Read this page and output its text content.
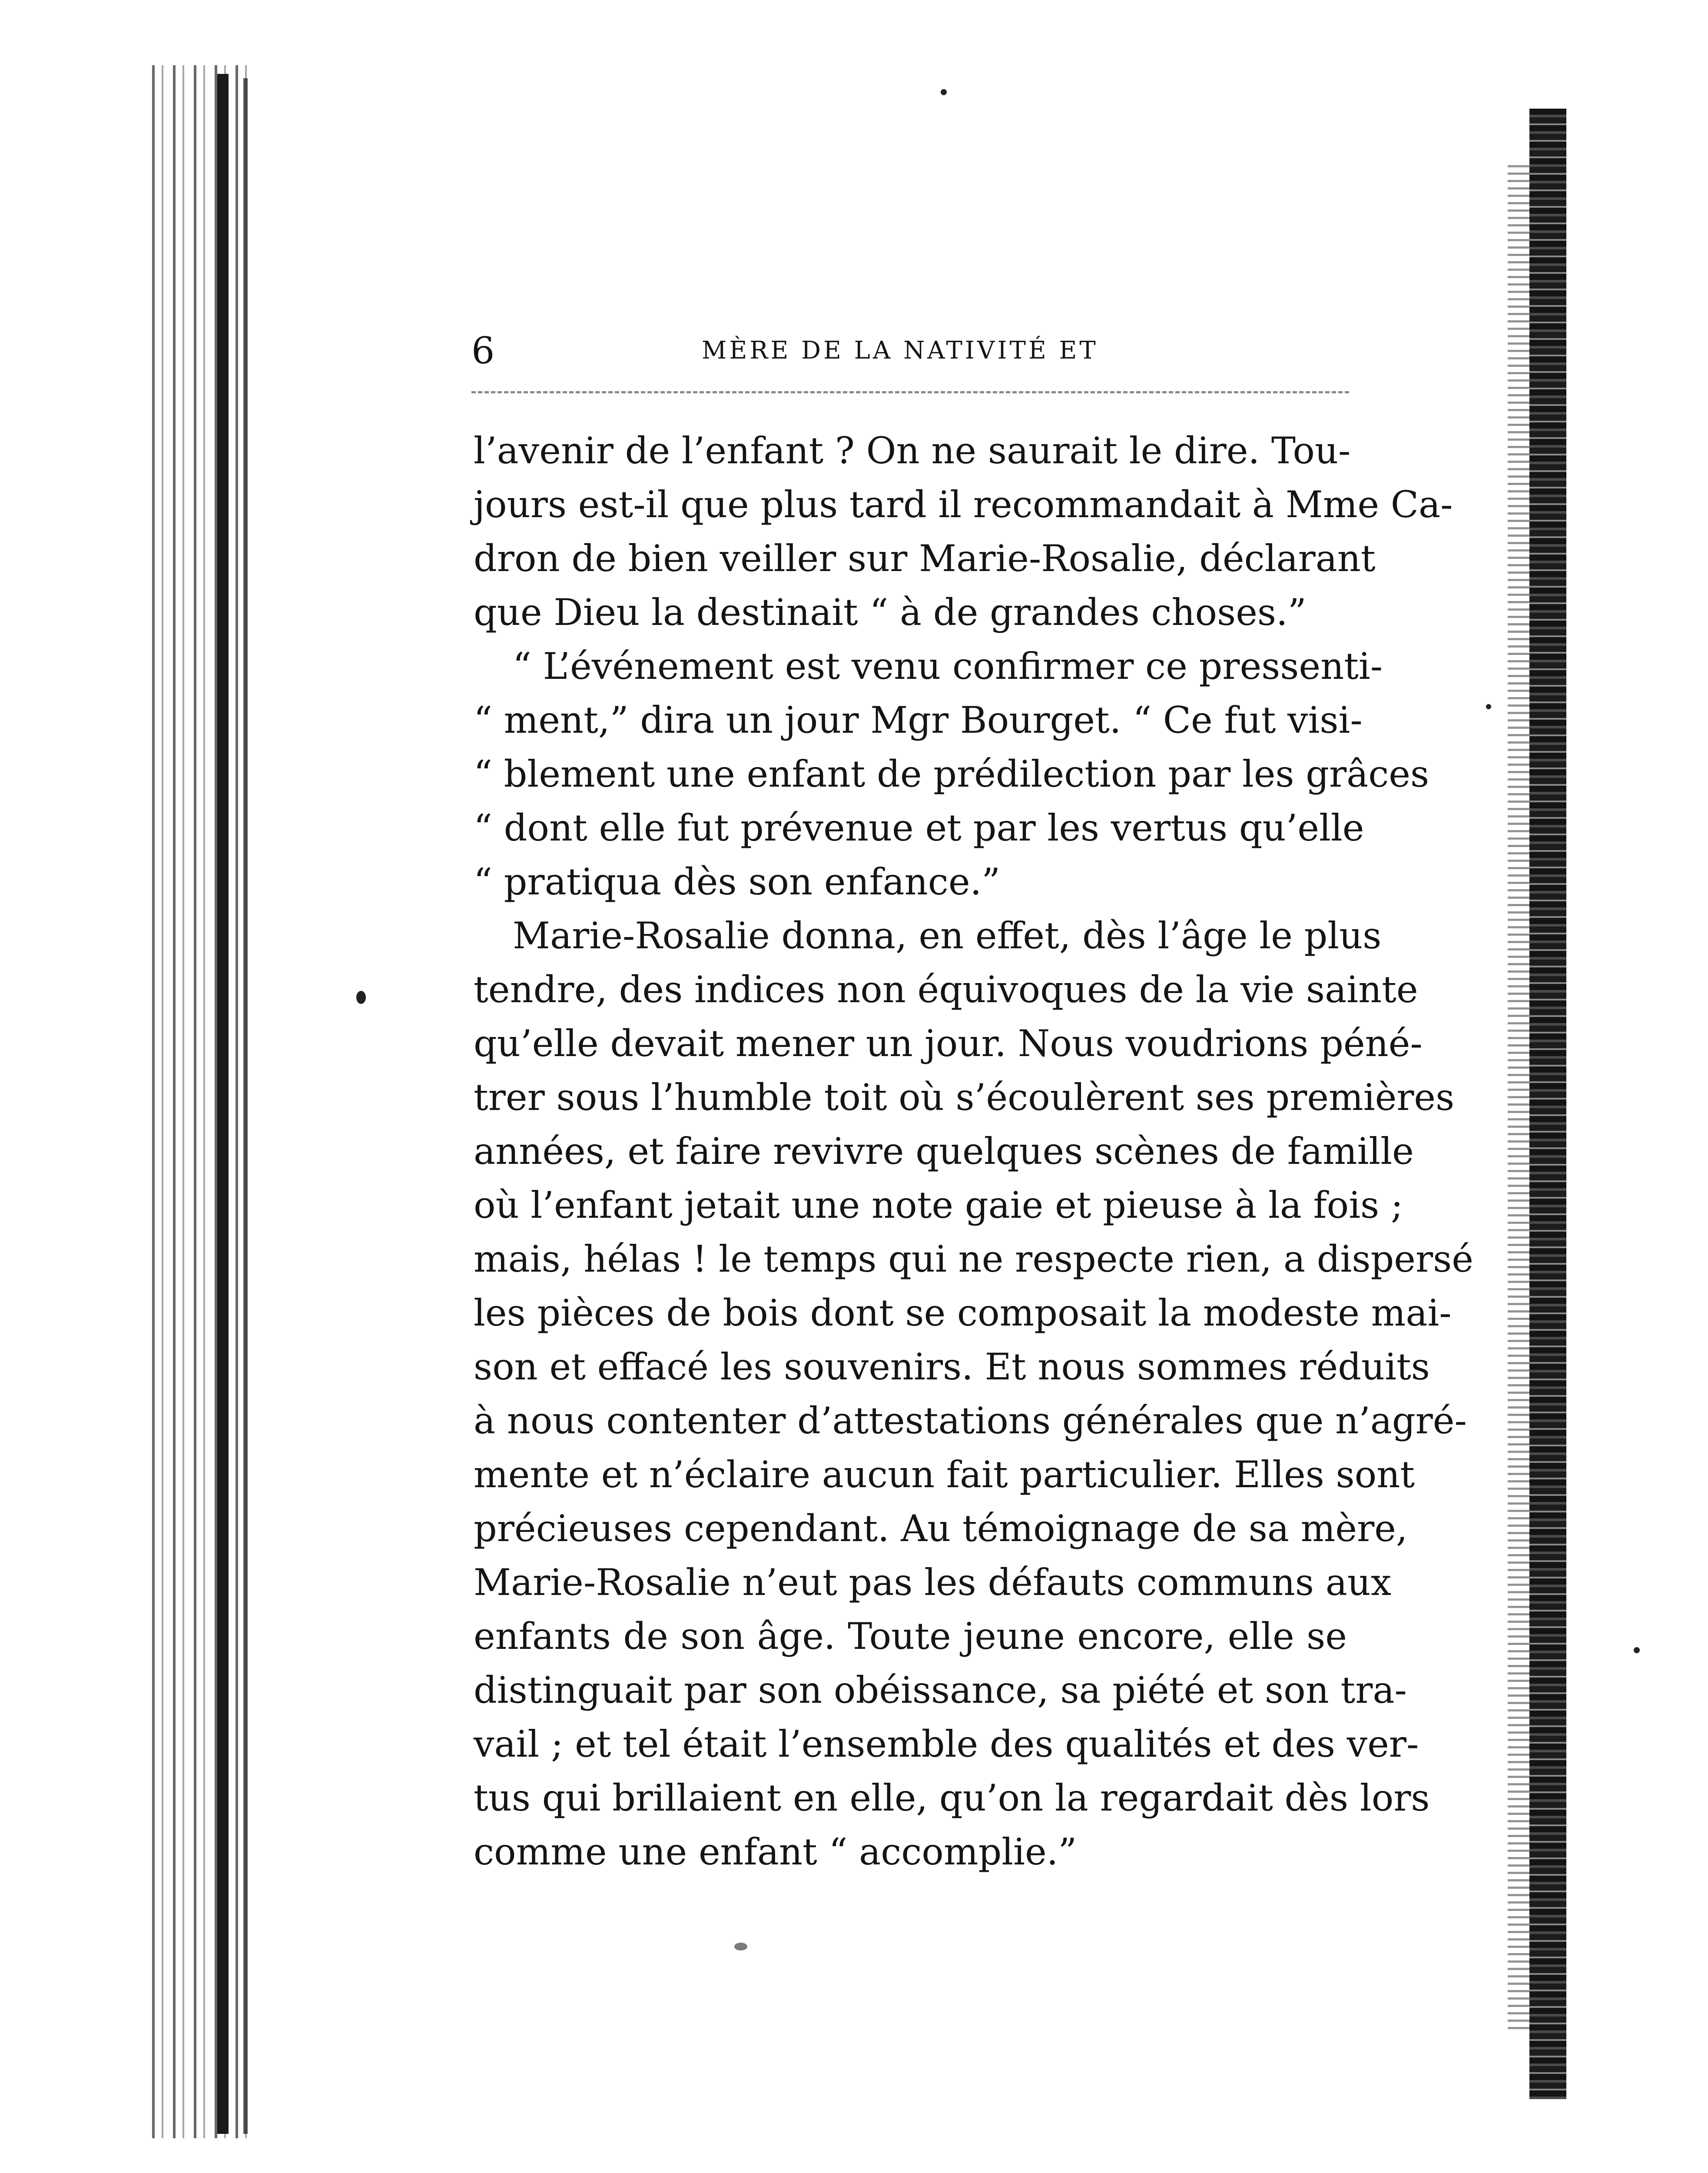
6	MÈRE DE LA NATIVITÉ ET
l’avenir de l’enfant ? On ne saurait le dire. Tou-
jours est-il que plus tard il recommandait à Mme Ca-
dron de bien veiller sur Marie-Rosalie, déclarant
que Dieu la destinait “ à de grandes choses.”
“ L’événement est venu confirmer ce pressenti-
“ ment,” dira un jour Mgr Bourget. “ Ce fut visi-
“ blement une enfant de prédilection par les grâces
“ dont elle fut prévenue et par les vertus qu’elle
“ pratiqua dès son enfance.”
Marie-Rosalie donna, en effet, dès l’âge le plus
tendre, des indices non équivoques de la vie sainte
qu’elle devait mener un jour. Nous voudrions péné-
trer sous l’humble toit où s’écoulèrent ses premières
années, et faire revivre quelques scènes de famille
où l’enfant jetait une note gaie et pieuse à la fois ;
mais, hélas ! le temps qui ne respecte rien, a dispersé
les pièces de bois dont se composait la modeste mai-
son et effacé les souvenirs. Et nous sommes réduits
à nous contenter d’attestations générales que n’agré-
mente et n’éclaire aucun fait particulier. Elles sont
précieuses cependant. Au témoignage de sa mère,
Marie-Rosalie n’eut pas les défauts communs aux
enfants de son âge. Toute jeune encore, elle se
distinguait par son obéissance, sa piété et son tra-
vail ; et tel était l’ensemble des qualités et des ver-
tus qui brillaient en elle, qu’on la regardait dès lors
comme une enfant “ accomplie.”
